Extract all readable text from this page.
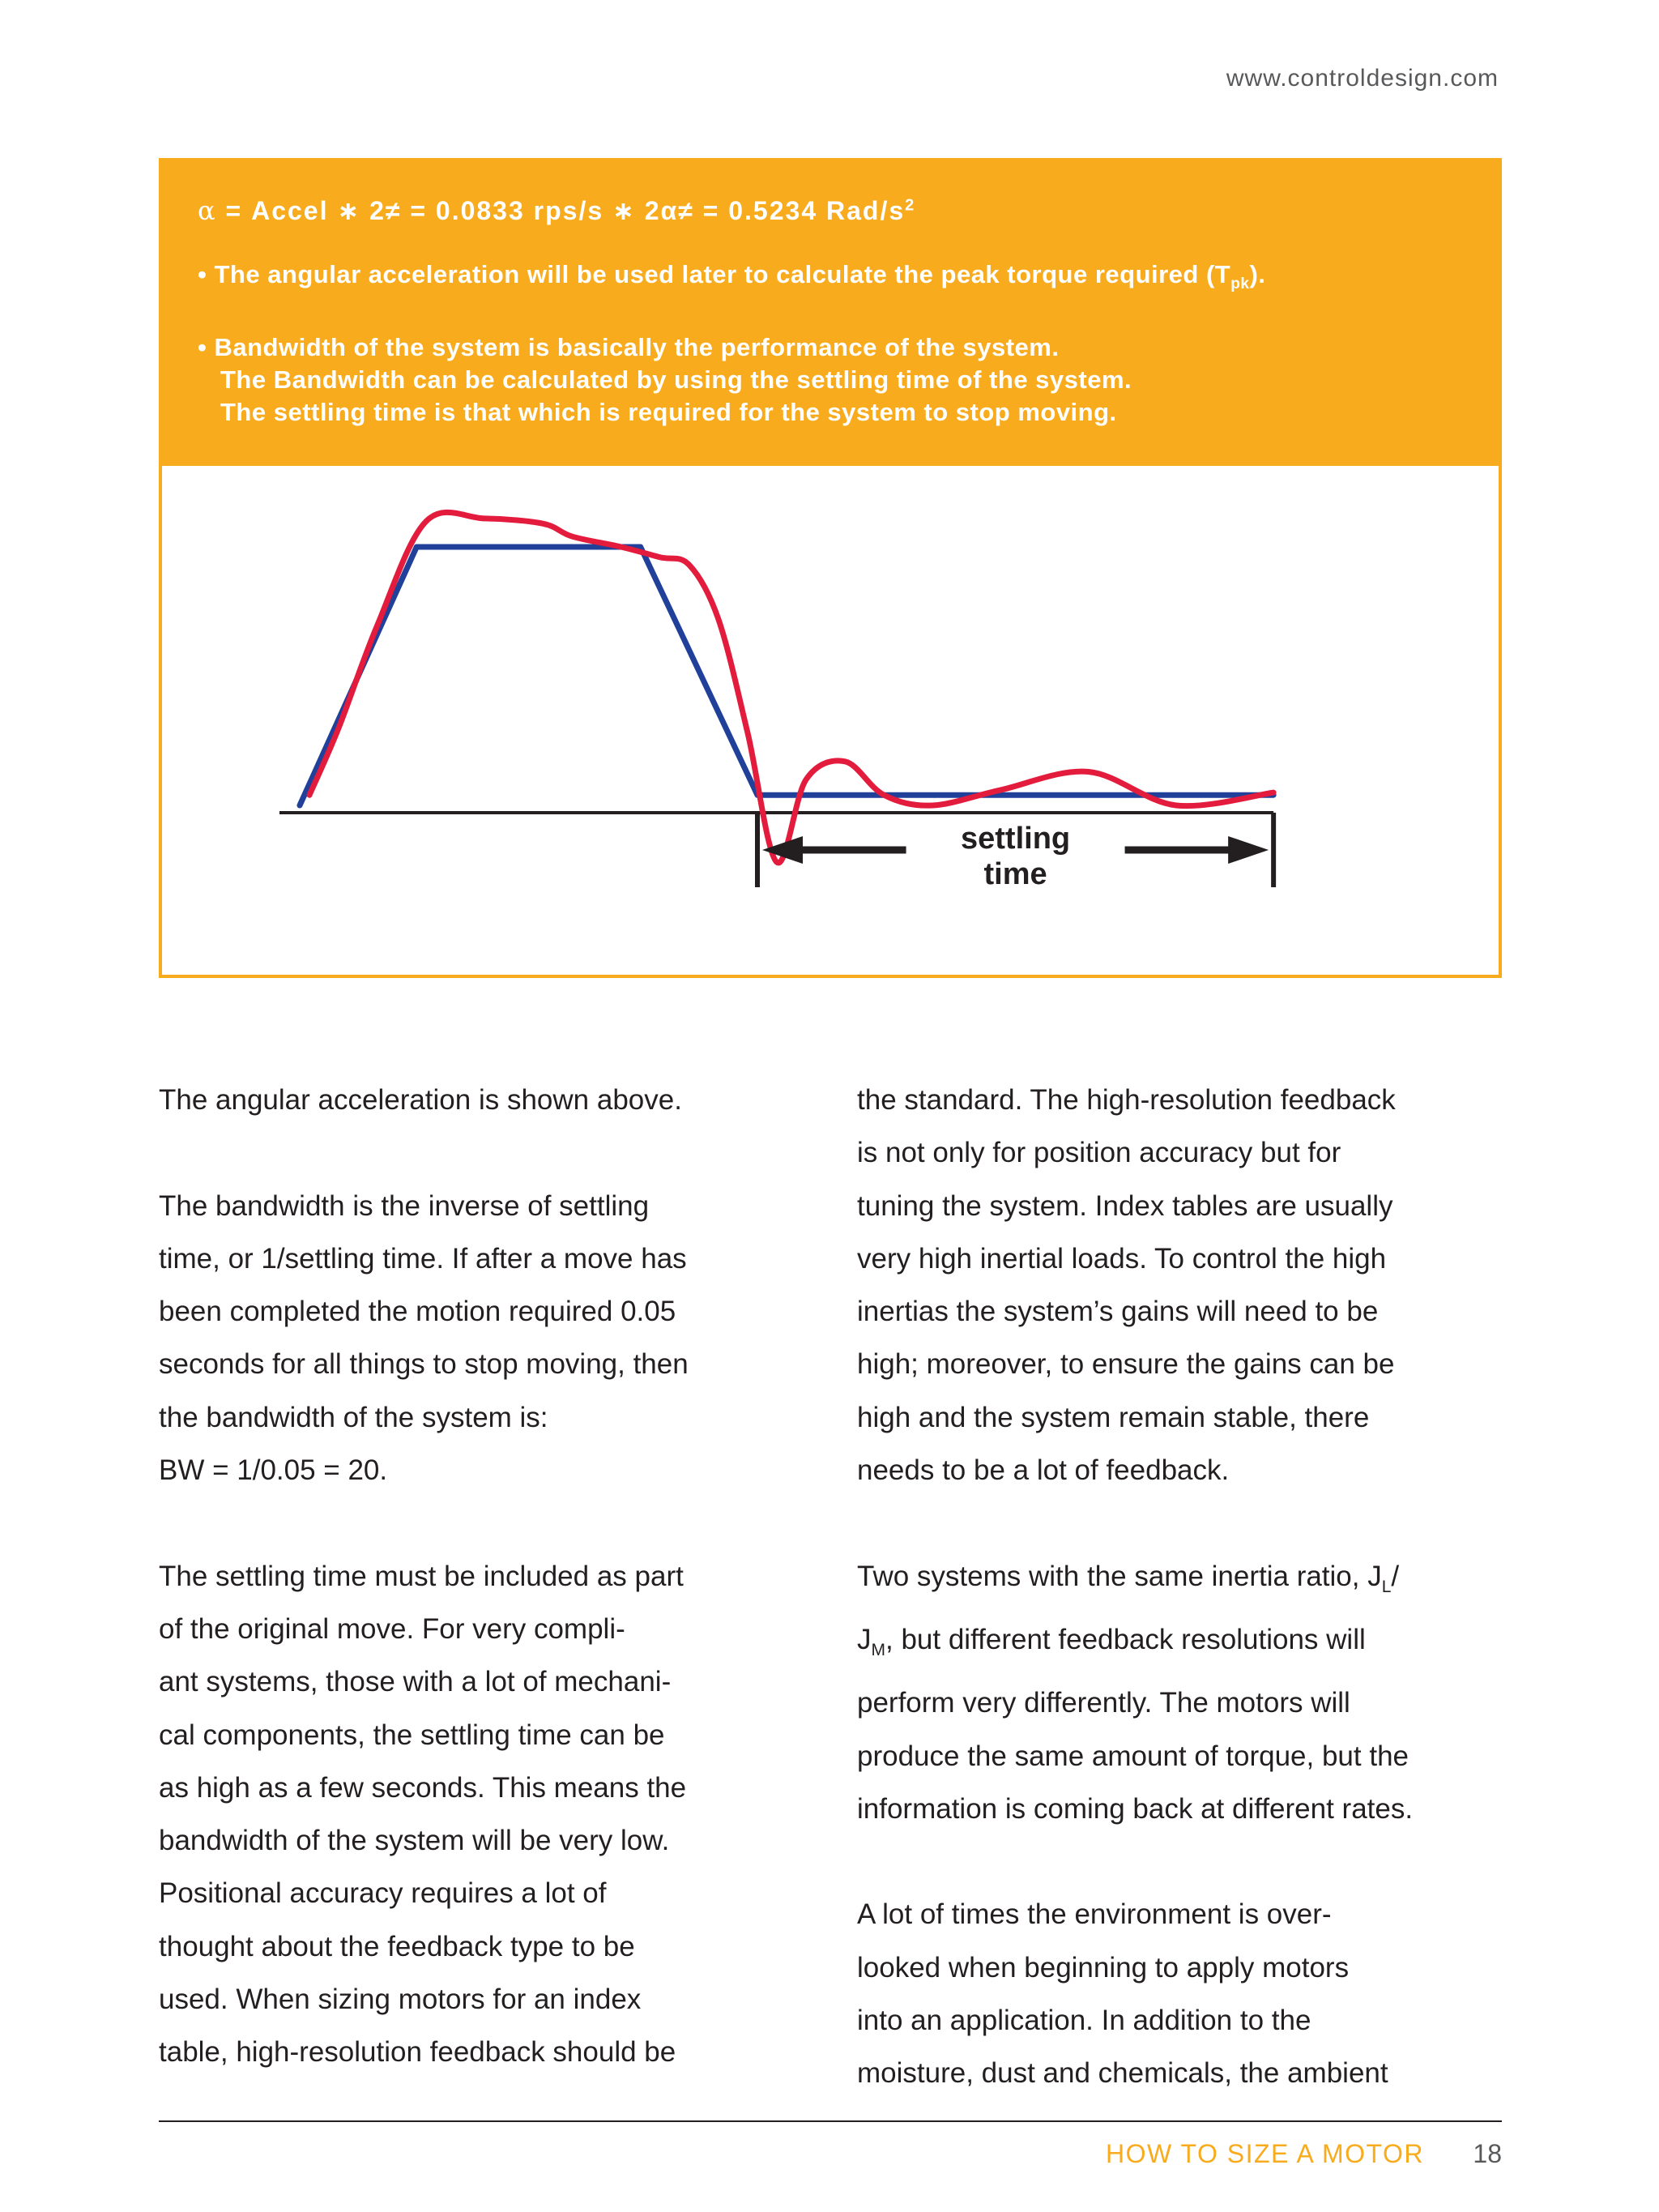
www.controldesign.com
α = Accel ∗ 2≠ = 0.0833 rps/s ∗ 2α≠ = 0.5234 Rad/$s^2$
• The angular acceleration will be used later to calculate the peak torque required $(T_{pk})$.
• Bandwidth of the system is basically the performance of the system.
The Bandwidth can be calculated by using the settling time of the system.
The settling time is that which is required for the system to stop moving.
settling
time
The angular acceleration is shown above.
The bandwidth is the inverse of settling
time, or 1/settling time. If after a move has
been completed the motion required 0.05
seconds for all things to stop moving, then
the bandwidth of the system is:
BW = 1/0.05 = 20.
The settling time must be included as part
of the original move. For very compli-
ant systems, those with a lot of mechani-
cal components, the settling time can be
as high as a few seconds. This means the
bandwidth of the system will be very low.
Positional accuracy requires a lot of
thought about the feedback type to be
used. When sizing motors for an index
table, high-resolution feedback should be
the standard. The high-resolution feedback
is not only for position accuracy but for
tuning the system. Index tables are usually
very high inertial loads. To control the high
inertias the system’s gains will need to be
high; moreover, to ensure the gains can be
high and the system remain stable, there
needs to be a lot of feedback.
Two systems with the same inertia ratio, $J_L/$
$J_M$, but different feedback resolutions will
perform very differently. The motors will
produce the same amount of torque, but the
information is coming back at different rates.
A lot of times the environment is over-
looked when beginning to apply motors
into an application. In addition to the
moisture, dust and chemicals, the ambient
HOW TO SIZE A MOTOR 18
